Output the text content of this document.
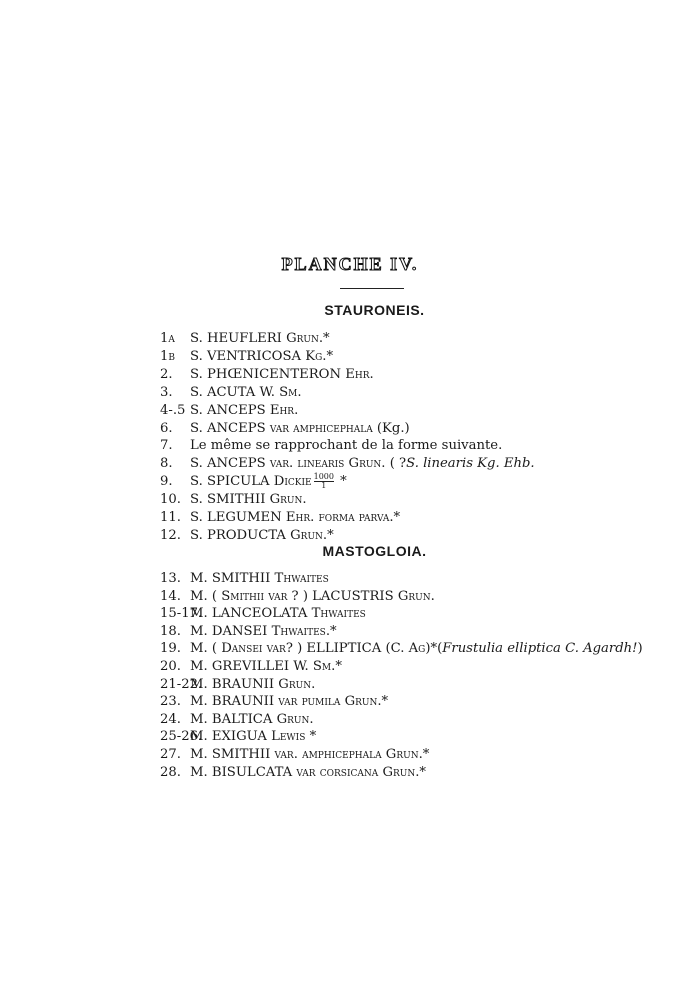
PLANCHE IV.
STAURONEIS.
1a S. HEUFLERI Grun.*
1b S. VENTRICOSA Kg.*
2. S. PHŒNICENTERON Ehr.
3. S. ACUTA W. Sm.
4-.5 S. ANCEPS Ehr.
6. S. ANCEPS var amphicephala (Kg.)
7. Le même se rapprochant de la forme suivante.
8. S. ANCEPS var. linearis Grun. ( ?S. linearis Kg. Ehb.
9. S. SPICULA Dickie $\frac{1000}{1}$ *
10. S. SMITHII Grun.
11. S. LEGUMEN Ehr. forma parva.*
12. S. PRODUCTA Grun.*
MASTOGLOIA.
13. M. SMITHII Thwaites
14. M. ( Smithii var ? ) LACUSTRIS Grun.
15-17.M. LANCEOLATA Thwaites
18. M. DANSEI Thwaites.*
19. M. ( Dansei var? ) ELLIPTICA (C. Ag)*(Frustulia elliptica C. Agardh!)
20. M. GREVILLEI W. Sm.*
21-22.M. BRAUNII Grun.
23. M. BRAUNII var pumila Grun.*
24. M. BALTICA Grun.
25-26.M. EXIGUA Lewis *
27. M. SMITHII var. amphicephala Grun.*
28. M. BISULCATA var corsicana Grun.*
